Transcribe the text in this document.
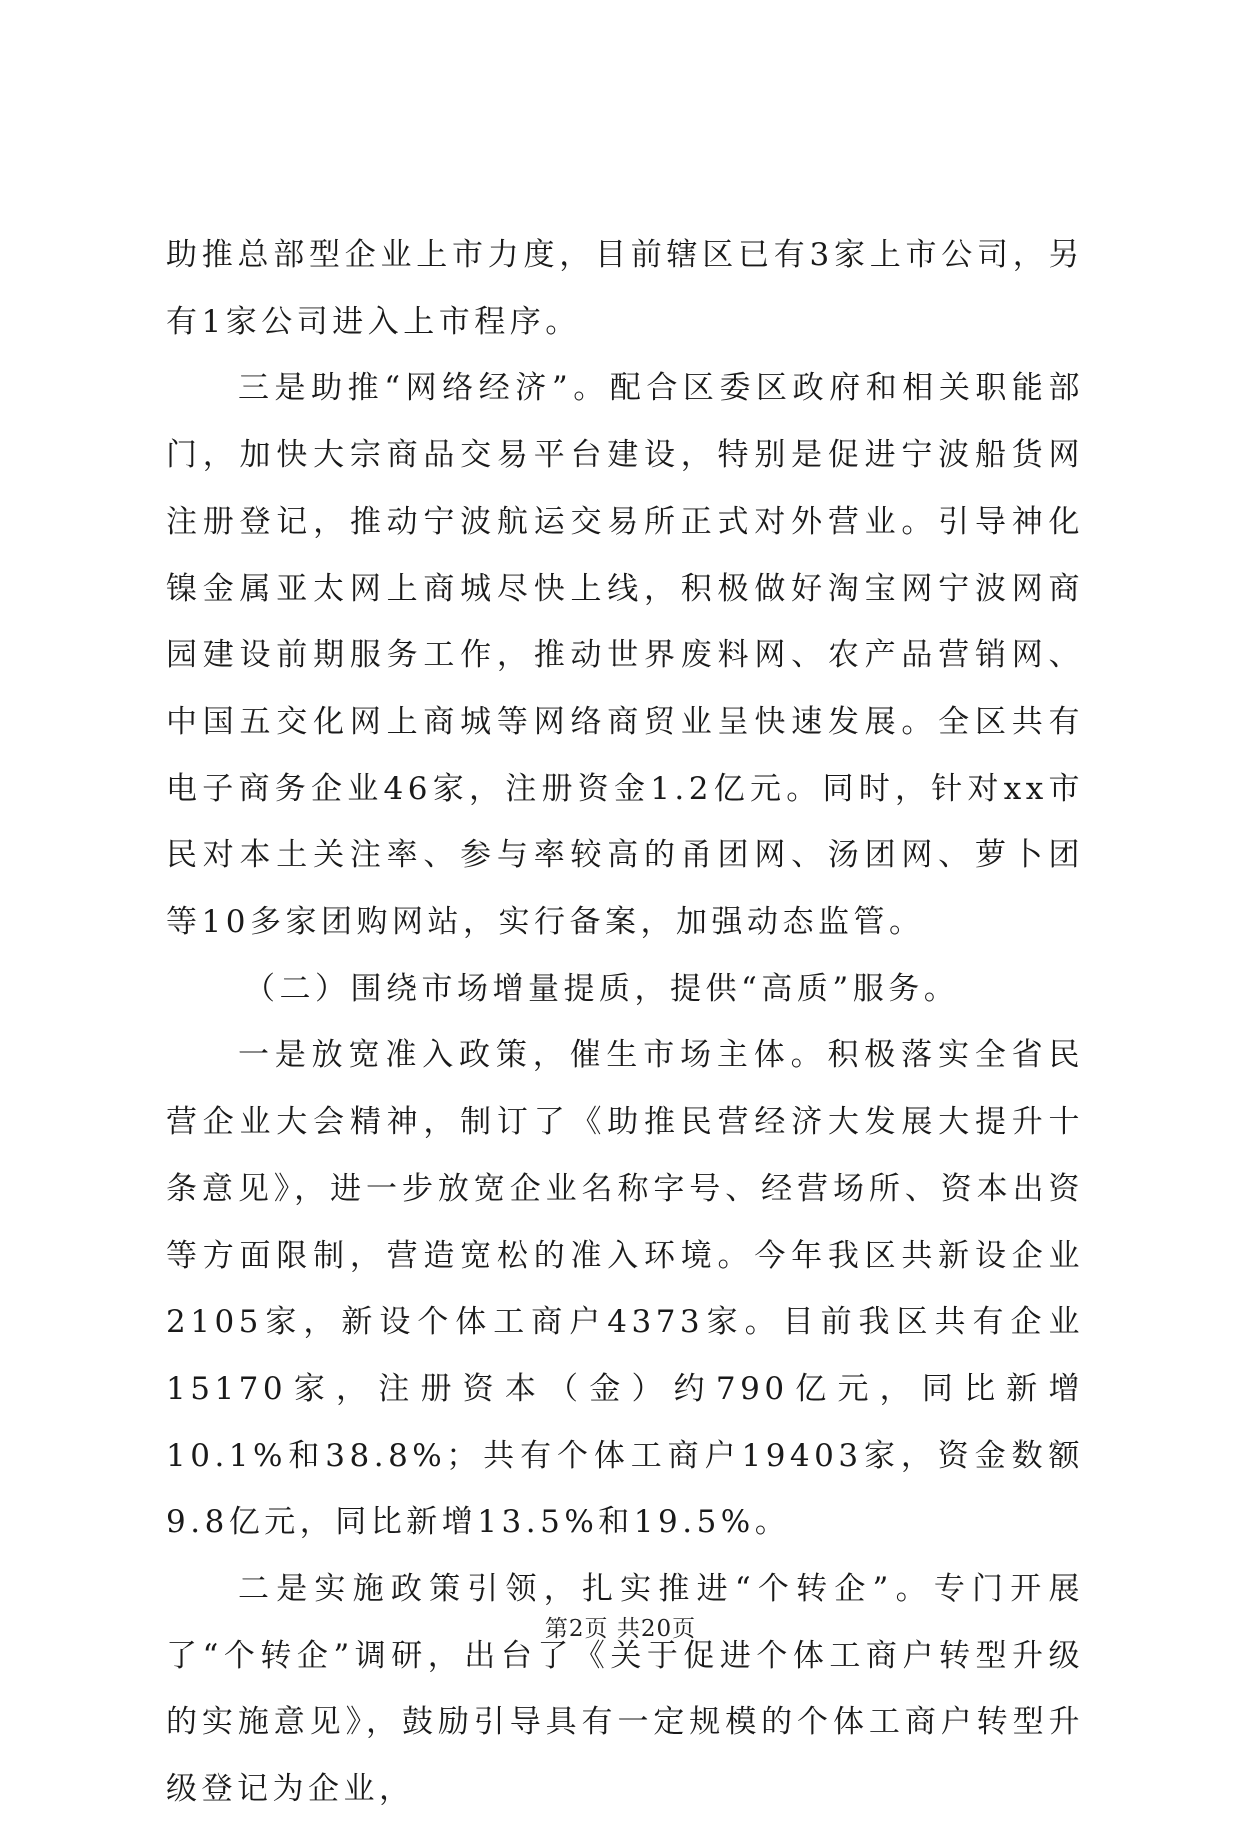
助推总部型企业上市力度，目前辖区已有3家上市公司，另有1家公司进入上市程序。

三是助推“网络经济”。配合区委区政府和相关职能部门，加快大宗商品交易平台建设，特别是促进宁波船货网注册登记，推动宁波航运交易所正式对外营业。引导神化镍金属亚太网上商城尽快上线，积极做好淘宝网宁波网商园建设前期服务工作，推动世界废料网、农产品营销网、中国五交化网上商城等网络商贸业呈快速发展。全区共有电子商务企业46家，注册资金1.2亿元。同时，针对xx市民对本土关注率、参与率较高的甬团网、汤团网、萝卜团等10多家团购网站，实行备案，加强动态监管。

（二）围绕市场增量提质，提供“高质”服务。

一是放宽准入政策，催生市场主体。积极落实全省民营企业大会精神，制订了《助推民营经济大发展大提升十条意见》，进一步放宽企业名称字号、经营场所、资本出资等方面限制，营造宽松的准入环境。今年我区共新设企业2105家，新设个体工商户4373家。目前我区共有企业15170家，注册资本（金）约790亿元，同比新增10.1%和38.8%；共有个体工商户19403家，资金数额9.8亿元，同比新增13.5%和19.5%。

二是实施政策引领，扎实推进“个转企”。专门开展了“个转企”调研，出台了《关于促进个体工商户转型升级的实施意见》，鼓励引导具有一定规模的个体工商户转型升级登记为企业，

第2页 共20页
